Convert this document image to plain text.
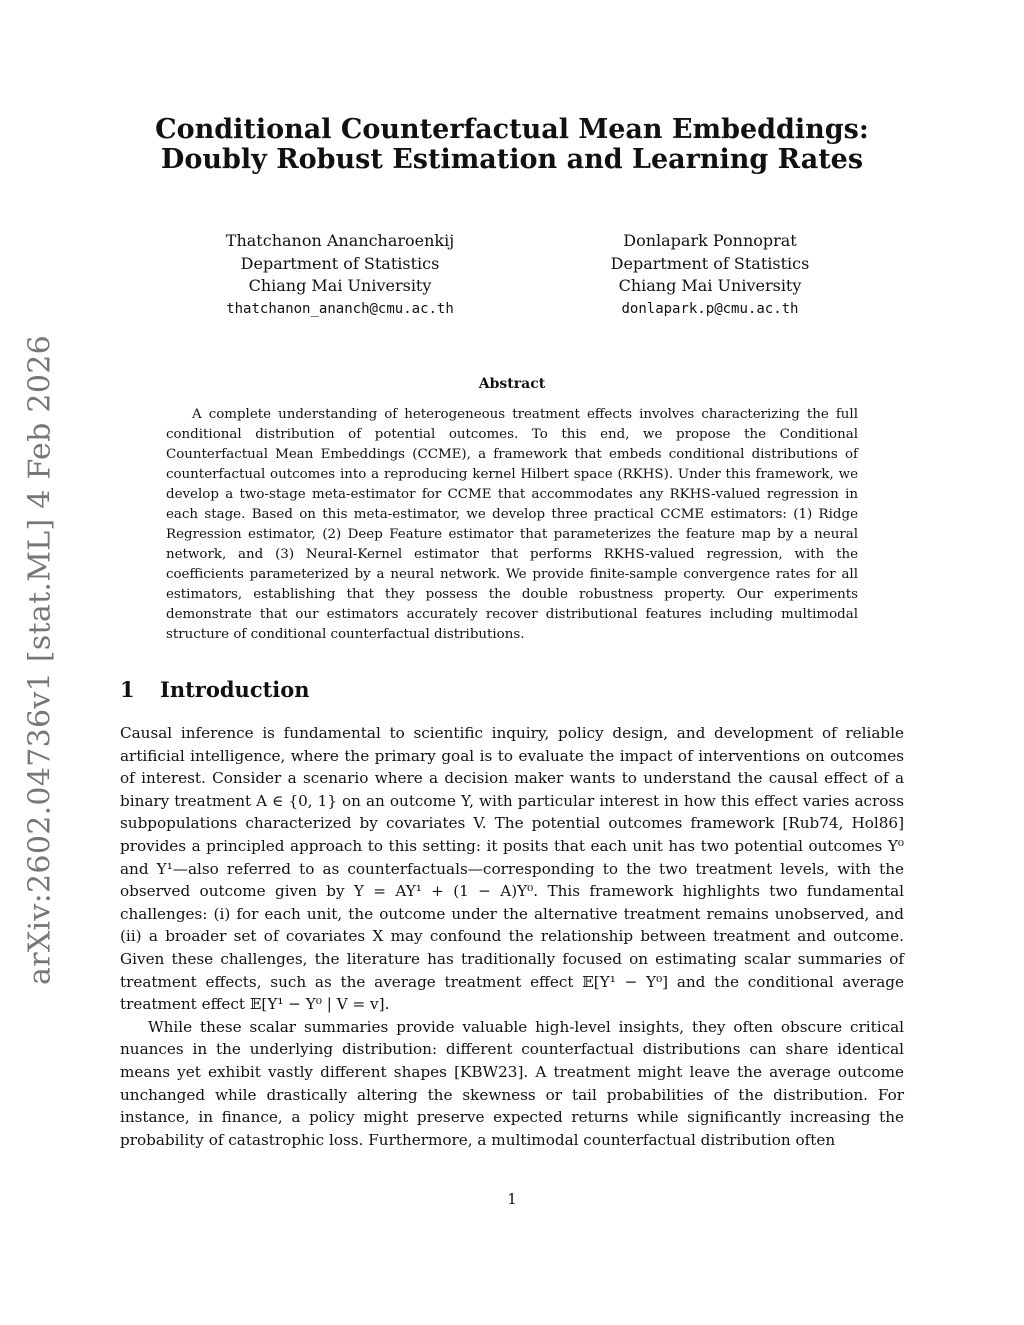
arXiv:2602.04736v1 [stat.ML] 4 Feb 2026
Conditional Counterfactual Mean Embeddings:
Doubly Robust Estimation and Learning Rates
Thatchanon Anancharoenkij
Department of Statistics
Chiang Mai University
thatchanon_ananch@cmu.ac.th
Donlapark Ponnoprat
Department of Statistics
Chiang Mai University
donlapark.p@cmu.ac.th
Abstract

A complete understanding of heterogeneous treatment effects involves characterizing the full conditional distribution of potential outcomes. To this end, we propose the Conditional Counterfactual Mean Embeddings (CCME), a framework that embeds conditional distributions of counterfactual outcomes into a reproducing kernel Hilbert space (RKHS). Under this framework, we develop a two-stage meta-estimator for CCME that accommodates any RKHS-valued regression in each stage. Based on this meta-estimator, we develop three practical CCME estimators: (1) Ridge Regression estimator, (2) Deep Feature estimator that parameterizes the feature map by a neural network, and (3) Neural-Kernel estimator that performs RKHS-valued regression, with the coefficients parameterized by a neural network. We provide finite-sample convergence rates for all estimators, establishing that they possess the double robustness property. Our experiments demonstrate that our estimators accurately recover distributional features including multimodal structure of conditional counterfactual distributions.

1 Introduction

Causal inference is fundamental to scientific inquiry, policy design, and development of reliable artificial intelligence, where the primary goal is to evaluate the impact of interventions on outcomes of interest. Consider a scenario where a decision maker wants to understand the causal effect of a binary treatment A ∈ {0, 1} on an outcome Y, with particular interest in how this effect varies across subpopulations characterized by covariates V. The potential outcomes framework [Rub74, Hol86] provides a principled approach to this setting: it posits that each unit has two potential outcomes Y⁰ and Y¹—also referred to as counterfactuals—corresponding to the two treatment levels, with the observed outcome given by Y = AY¹ + (1 − A)Y⁰. This framework highlights two fundamental challenges: (i) for each unit, the outcome under the alternative treatment remains unobserved, and (ii) a broader set of covariates X may confound the relationship between treatment and outcome. Given these challenges, the literature has traditionally focused on estimating scalar summaries of treatment effects, such as the average treatment effect 𝔼[Y¹ − Y⁰] and the conditional average treatment effect 𝔼[Y¹ − Y⁰ | V = v].

While these scalar summaries provide valuable high-level insights, they often obscure critical nuances in the underlying distribution: different counterfactual distributions can share identical means yet exhibit vastly different shapes [KBW23]. A treatment might leave the average outcome unchanged while drastically altering the skewness or tail probabilities of the distribution. For instance, in finance, a policy might preserve expected returns while significantly increasing the probability of catastrophic loss. Furthermore, a multimodal counterfactual distribution often

1
